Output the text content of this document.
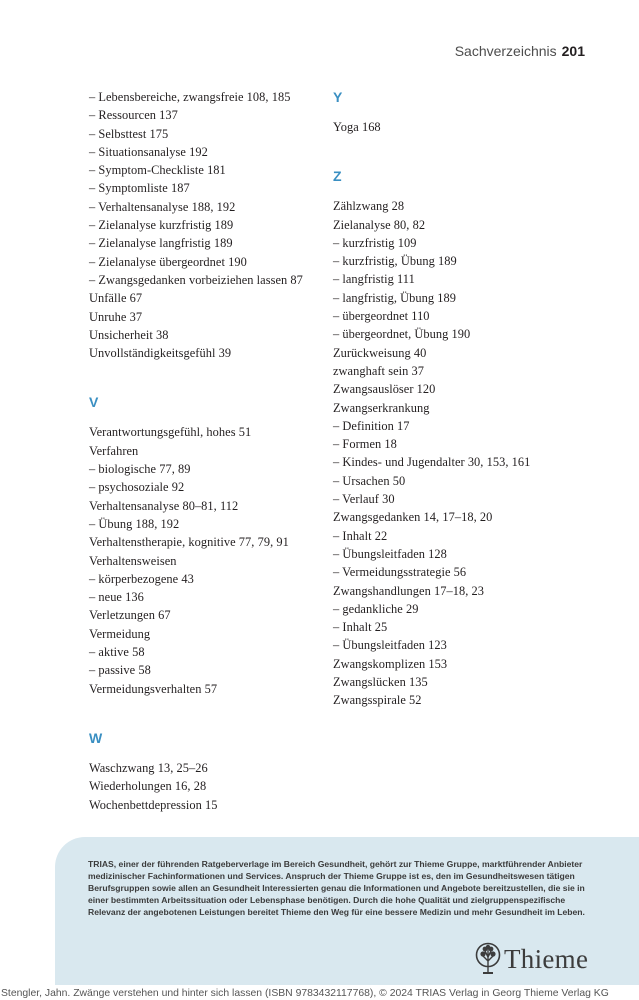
Sachverzeichnis 201
– Lebensbereiche, zwangsfreie 108, 185
– Ressourcen 137
– Selbsttest 175
– Situationsanalyse 192
– Symptom-Checkliste 181
– Symptomliste 187
– Verhaltensanalyse 188, 192
– Zielanalyse kurzfristig 189
– Zielanalyse langfristig 189
– Zielanalyse übergeordnet 190
– Zwangsgedanken vorbeiziehen lassen 87
Unfälle 67
Unruhe 37
Unsicherheit 38
Unvollständigkeitsgefühl 39
V
Verantwortungsgefühl, hohes 51
Verfahren
– biologische 77, 89
– psychosoziale 92
Verhaltensanalyse 80–81, 112
– Übung 188, 192
Verhaltenstherapie, kognitive 77, 79, 91
Verhaltensweisen
– körperbezogene 43
– neue 136
Verletzungen 67
Vermeidung
– aktive 58
– passive 58
Vermeidungsverhalten 57
W
Waschzwang 13, 25–26
Wiederholungen 16, 28
Wochenbettdepression 15
Y
Yoga 168
Z
Zählzwang 28
Zielanalyse 80, 82
– kurzfristig 109
– kurzfristig, Übung 189
– langfristig 111
– langfristig, Übung 189
– übergeordnet 110
– übergeordnet, Übung 190
Zurückweisung 40
zwanghaft sein 37
Zwangsauslöser 120
Zwangserkrankung
– Definition 17
– Formen 18
– Kindes- und Jugendalter 30, 153, 161
– Ursachen 50
– Verlauf 30
Zwangsgedanken 14, 17–18, 20
– Inhalt 22
– Übungsleitfaden 128
– Vermeidungsstrategie 56
Zwangshandlungen 17–18, 23
– gedankliche 29
– Inhalt 25
– Übungsleitfaden 123
Zwangskomplizen 153
Zwangslücken 135
Zwangsspirale 52
TRIAS, einer der führenden Ratgeberverlage im Bereich Gesundheit, gehört zur Thieme Gruppe, marktführender Anbieter medizinischer Fachinformationen und Services. Anspruch der Thieme Gruppe ist es, den im Gesundheitswesen tätigen Berufsgruppen sowie allen an Gesundheit Interessierten genau die Informationen und Angebote bereitzustellen, die sie in einer bestimmten Arbeitssituation oder Lebensphase benötigen. Durch die hohe Qualität und zielgruppenspezifische Relevanz der angebotenen Leistungen bereitet Thieme den Weg für eine bessere Medizin und mehr Gesundheit im Leben.
Thieme
Stengler, Jahn. Zwänge verstehen und hinter sich lassen (ISBN 9783432117768), © 2024 TRIAS Verlag in Georg Thieme Verlag KG
